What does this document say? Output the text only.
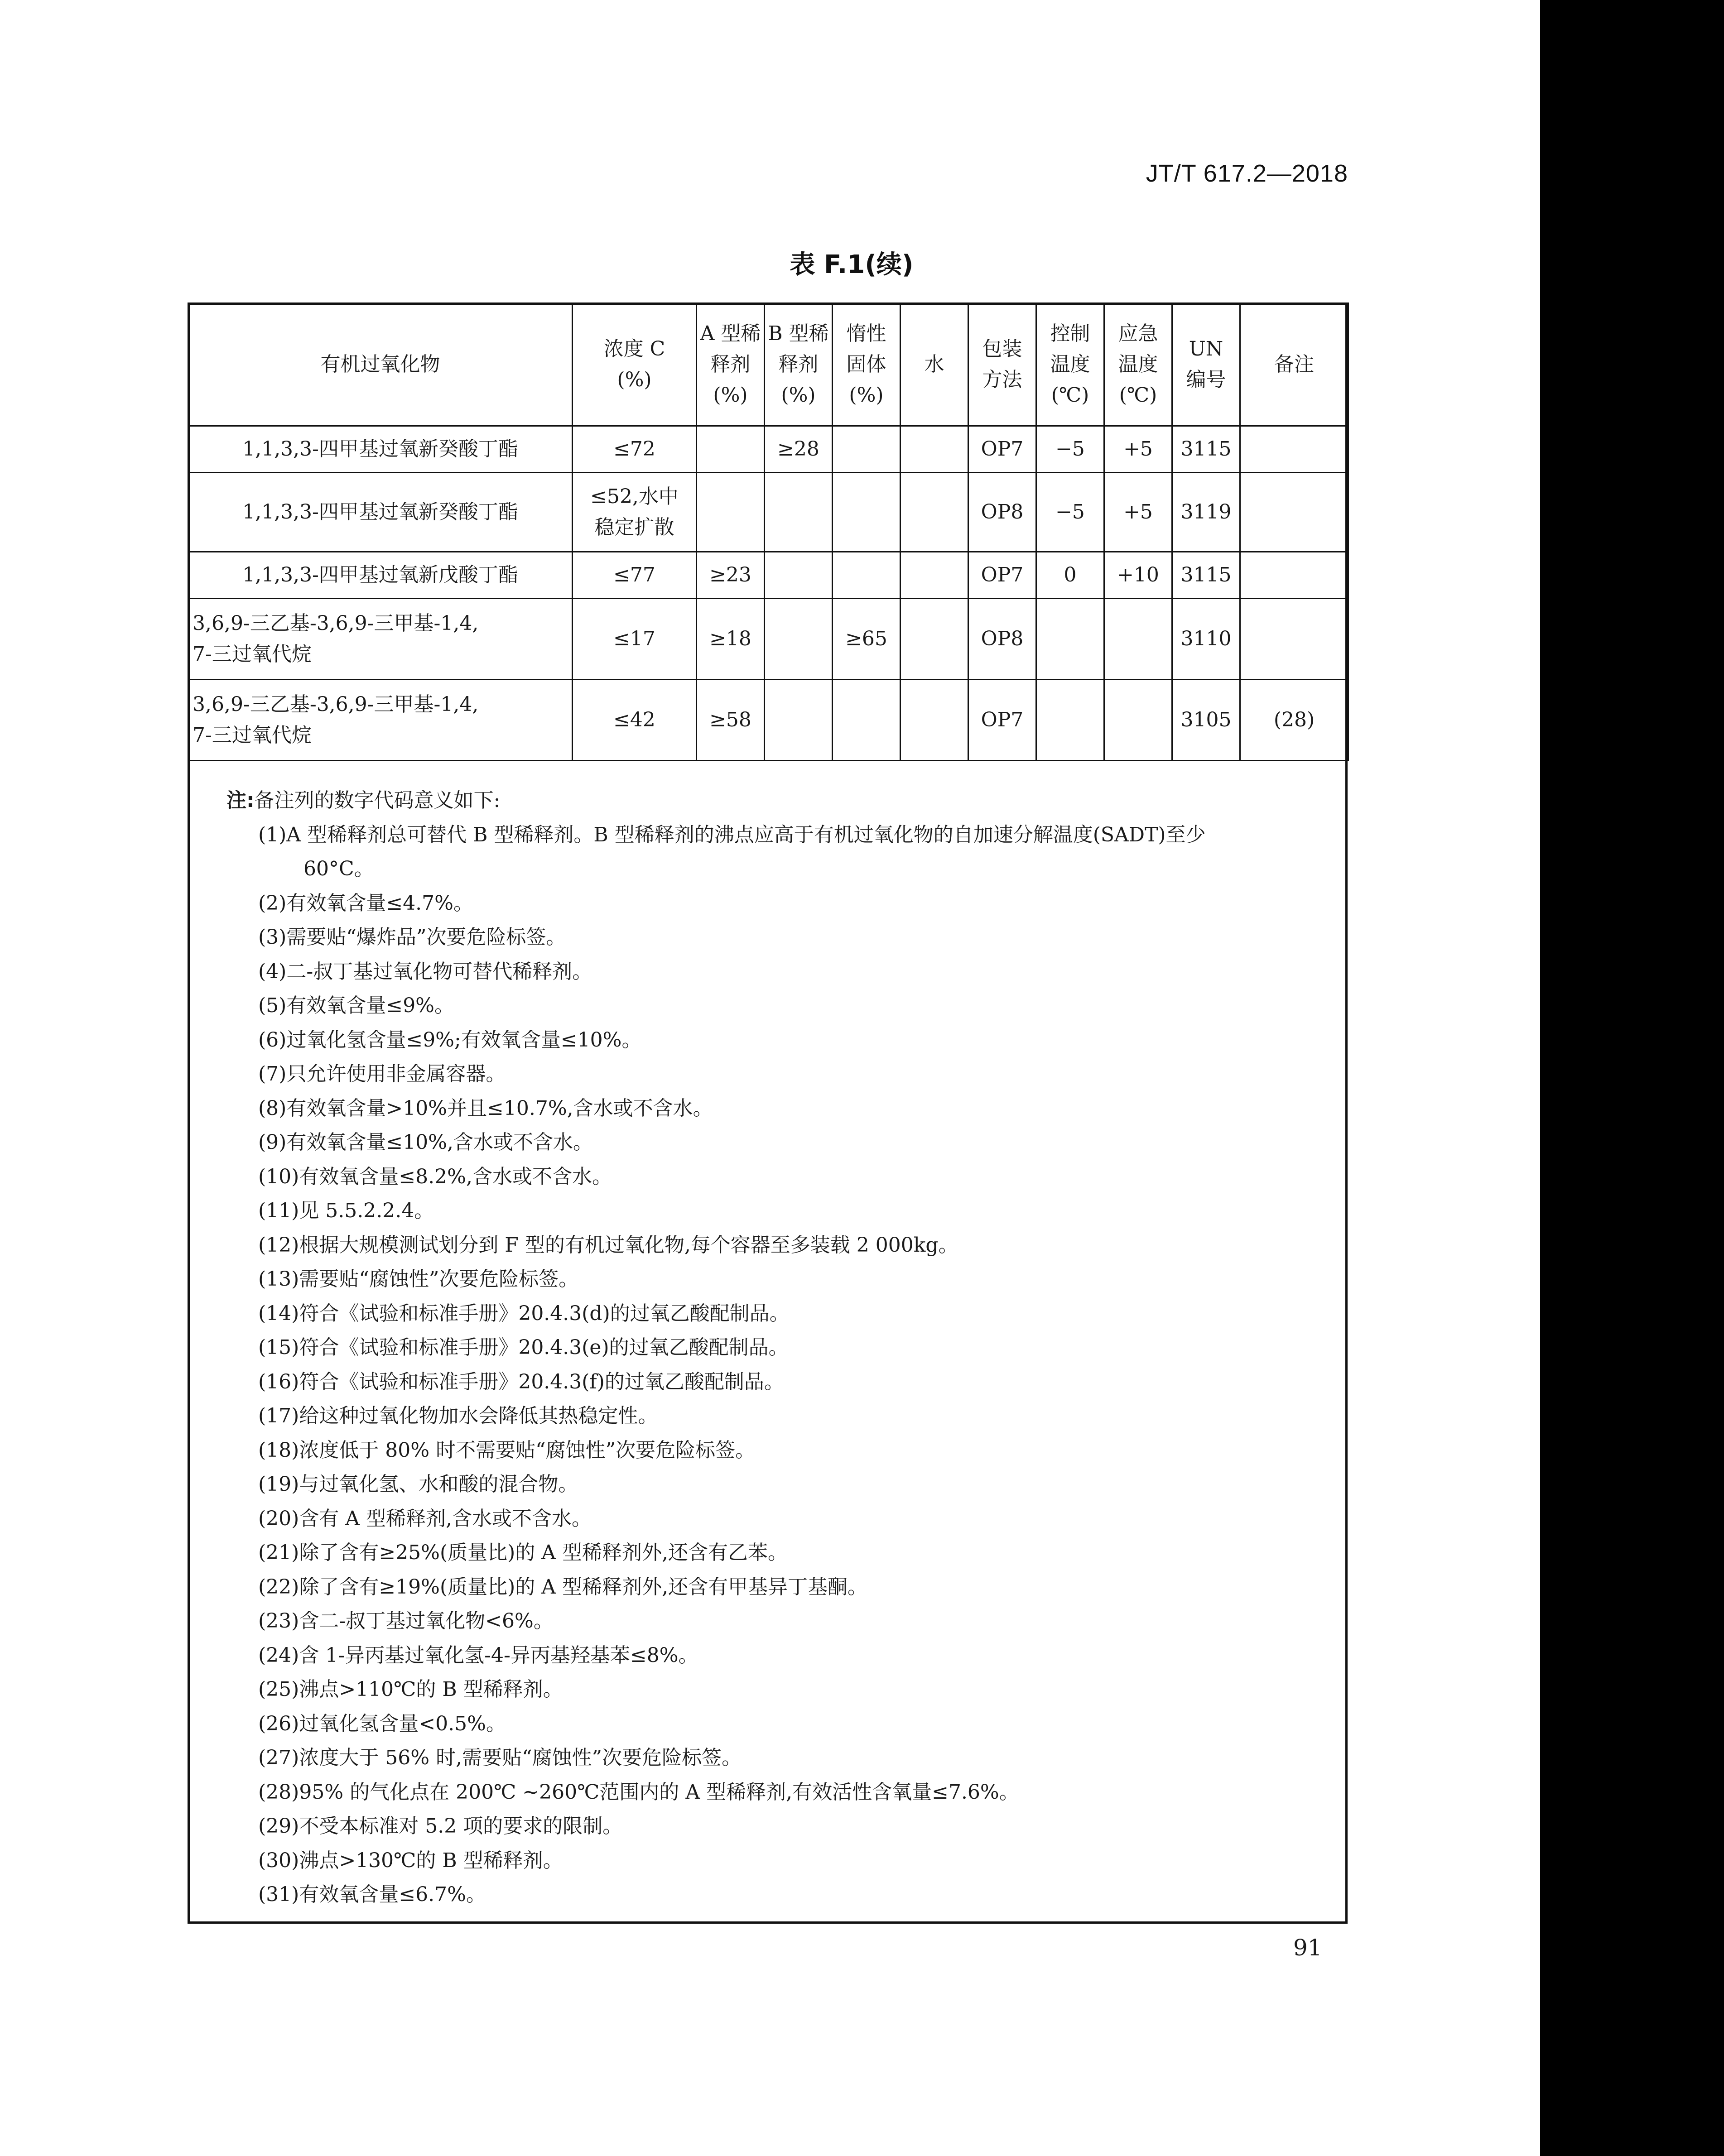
JT/T 617.2—2018
表 F.1(续)
有机过氧化物	浓度 C
(%)	A 型稀
释剂
(%)	B 型稀
释剂
(%)	惰性
固体
(%)	水	包装
方法	控制
温度
(℃)	应急
温度
(℃)	UN
编号	备注

1,1,3,3-四甲基过氧新癸酸丁酯	≤72		≥28			OP7	−5	+5	3115	

1,1,3,3-四甲基过氧新癸酸丁酯	≤52,水中
稳定扩散					OP8	−5	+5	3119	

1,1,3,3-四甲基过氧新戊酸丁酯	≤77	≥23				OP7	0	+10	3115	

3,6,9-三乙基-3,6,9-三甲基-1,4,
7-三过氧代烷	≤17	≥18		≥65		OP8			3110	

3,6,9-三乙基-3,6,9-三甲基-1,4,
7-三过氧代烷	≤42	≥58				OP7			3105	(28)

注:备注列的数字代码意义如下:

(1)A 型稀释剂总可替代 B 型稀释剂。B 型稀释剂的沸点应高于有机过氧化物的自加速分解温度(SADT)至少

60°C。

(2)有效氧含量≤4.7%。

(3)需要贴“爆炸品”次要危险标签。

(4)二-叔丁基过氧化物可替代稀释剂。

(5)有效氧含量≤9%。

(6)过氧化氢含量≤9%;有效氧含量≤10%。

(7)只允许使用非金属容器。

(8)有效氧含量>10%并且≤10.7%,含水或不含水。

(9)有效氧含量≤10%,含水或不含水。

(10)有效氧含量≤8.2%,含水或不含水。

(11)见 5.5.2.2.4。

(12)根据大规模测试划分到 F 型的有机过氧化物,每个容器至多装载 2 000kg。

(13)需要贴“腐蚀性”次要危险标签。

(14)符合《试验和标准手册》20.4.3(d)的过氧乙酸配制品。

(15)符合《试验和标准手册》20.4.3(e)的过氧乙酸配制品。

(16)符合《试验和标准手册》20.4.3(f)的过氧乙酸配制品。

(17)给这种过氧化物加水会降低其热稳定性。

(18)浓度低于 80% 时不需要贴“腐蚀性”次要危险标签。

(19)与过氧化氢、水和酸的混合物。

(20)含有 A 型稀释剂,含水或不含水。

(21)除了含有≥25%(质量比)的 A 型稀释剂外,还含有乙苯。

(22)除了含有≥19%(质量比)的 A 型稀释剂外,还含有甲基异丁基酮。

(23)含二-叔丁基过氧化物<6%。

(24)含 1-异丙基过氧化氢-4-异丙基羟基苯≤8%。

(25)沸点>110℃的 B 型稀释剂。

(26)过氧化氢含量<0.5%。

(27)浓度大于 56% 时,需要贴“腐蚀性”次要危险标签。

(28)95% 的气化点在 200℃ ~260℃范围内的 A 型稀释剂,有效活性含氧量≤7.6%。

(29)不受本标准对 5.2 项的要求的限制。

(30)沸点>130℃的 B 型稀释剂。

(31)有效氧含量≤6.7%。

91
